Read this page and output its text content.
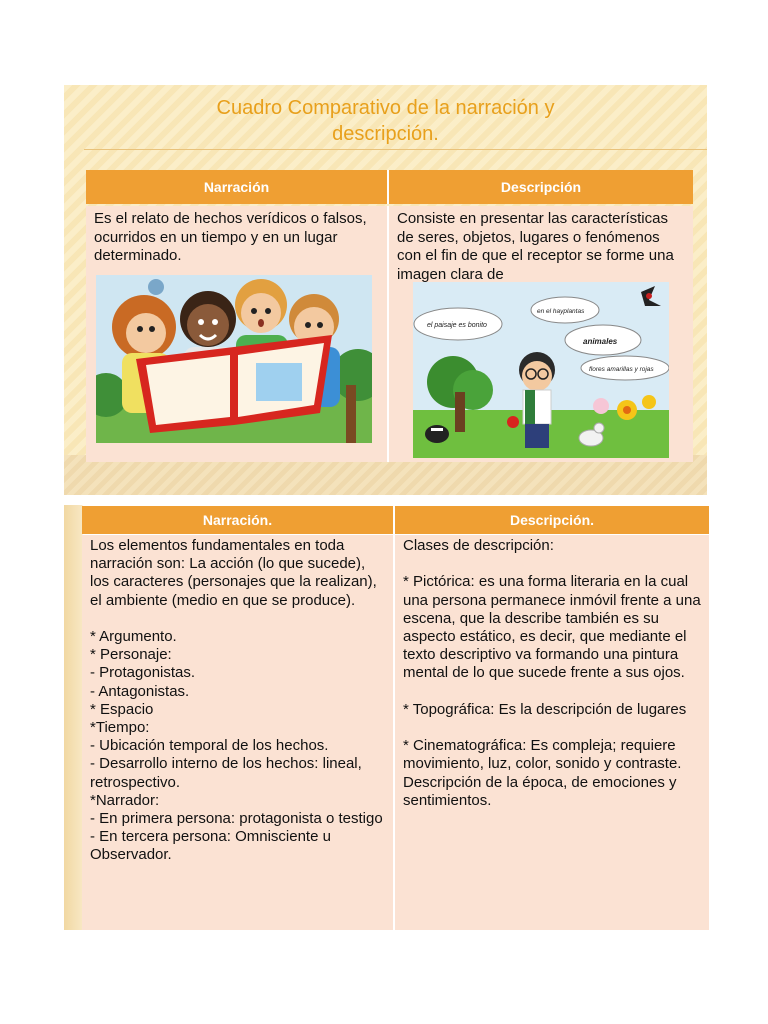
Cuadro Comparativo de la narración y descripción.
Narración	Descripción
Es el relato de hechos verídicos o falsos, ocurridos en un tiempo y en un lugar determinado.
Consiste en presentar las características de seres, objetos, lugares o fenómenos con el fin de que el receptor se forme una imagen clara de
el paisaje es bonito
en el hayplantas
animales
flores amarillas y rojas
Narración.	Descripción.
Los elementos fundamentales en toda narración son: La acción (lo que sucede), los caracteres (personajes que la realizan), el ambiente (medio en que se produce).

* Argumento.
* Personaje:
- Protagonistas.
- Antagonistas.
* Espacio
*Tiempo:
- Ubicación temporal de los hechos.
- Desarrollo interno de los hechos: lineal, retrospectivo.
*Narrador:
- En primera persona: protagonista o testigo
- En tercera persona: Omnisciente u Observador.
Clases de descripción:

* Pictórica: es una forma literaria en la cual una persona permanece inmóvil frente a una escena, que la describe también es su aspecto estático, es decir, que mediante el texto descriptivo va formando una pintura mental de lo que sucede frente a sus ojos.

* Topográfica: Es la descripción de lugares

* Cinematográfica: Es compleja; requiere movimiento, luz, color, sonido y contraste. Descripción de la época, de emociones y sentimientos.
